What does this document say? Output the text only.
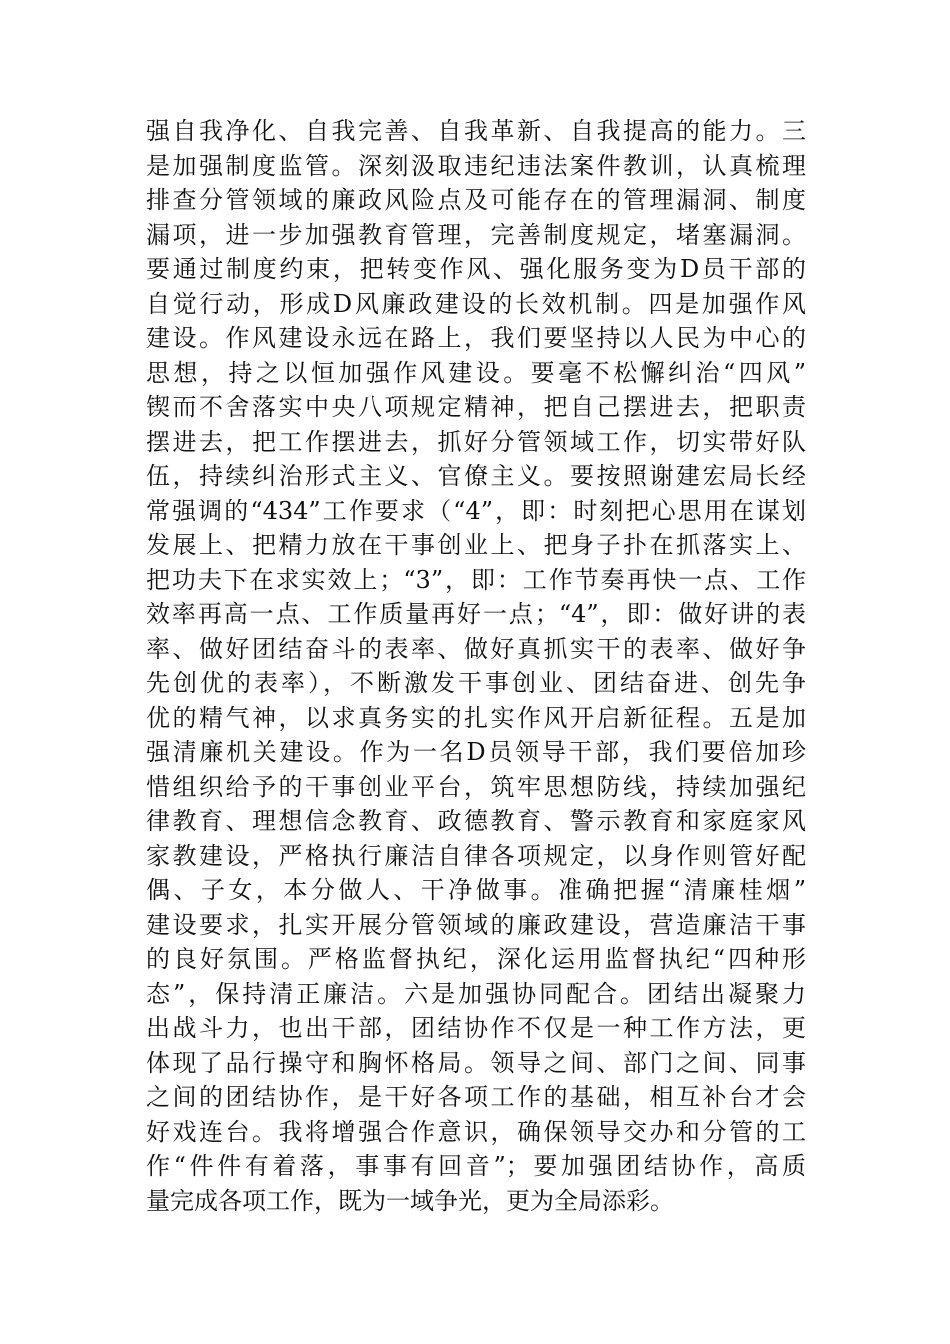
强自我净化、自我完善、自我革新、自我提高的能力。三
是加强制度监管。深刻汲取违纪违法案件教训，认真梳理
排查分管领域的廉政风险点及可能存在的管理漏洞、制度
漏项，进一步加强教育管理，完善制度规定，堵塞漏洞。
要通过制度约束，把转变作风、强化服务变为D员干部的
自觉行动，形成D风廉政建设的长效机制。四是加强作风
建设。作风建设永远在路上，我们要坚持以人民为中心的
思想，持之以恒加强作风建设。要毫不松懈纠治“四风”
锲而不舍落实中央八项规定精神，把自己摆进去，把职责
摆进去，把工作摆进去，抓好分管领域工作，切实带好队
伍，持续纠治形式主义、官僚主义。要按照谢建宏局长经
常强调的“434”工作要求（“4”，即：时刻把心思用在谋划
发展上、把精力放在干事创业上、把身子扑在抓落实上、
把功夫下在求实效上；“3”，即：工作节奏再快一点、工作
效率再高一点、工作质量再好一点；“4”，即：做好讲的表
率、做好团结奋斗的表率、做好真抓实干的表率、做好争
先创优的表率），不断激发干事创业、团结奋进、创先争
优的精气神，以求真务实的扎实作风开启新征程。五是加
强清廉机关建设。作为一名D员领导干部，我们要倍加珍
惜组织给予的干事创业平台，筑牢思想防线，持续加强纪
律教育、理想信念教育、政德教育、警示教育和家庭家风
家教建设，严格执行廉洁自律各项规定，以身作则管好配
偶、子女，本分做人、干净做事。准确把握“清廉桂烟”
建设要求，扎实开展分管领域的廉政建设，营造廉洁干事
的良好氛围。严格监督执纪，深化运用监督执纪“四种形
态”，保持清正廉洁。六是加强协同配合。团结出凝聚力
出战斗力，也出干部，团结协作不仅是一种工作方法，更
体现了品行操守和胸怀格局。领导之间、部门之间、同事
之间的团结协作，是干好各项工作的基础，相互补台才会
好戏连台。我将增强合作意识，确保领导交办和分管的工
作“件件有着落，事事有回音”；要加强团结协作，高质
量完成各项工作，既为一域争光，更为全局添彩。
